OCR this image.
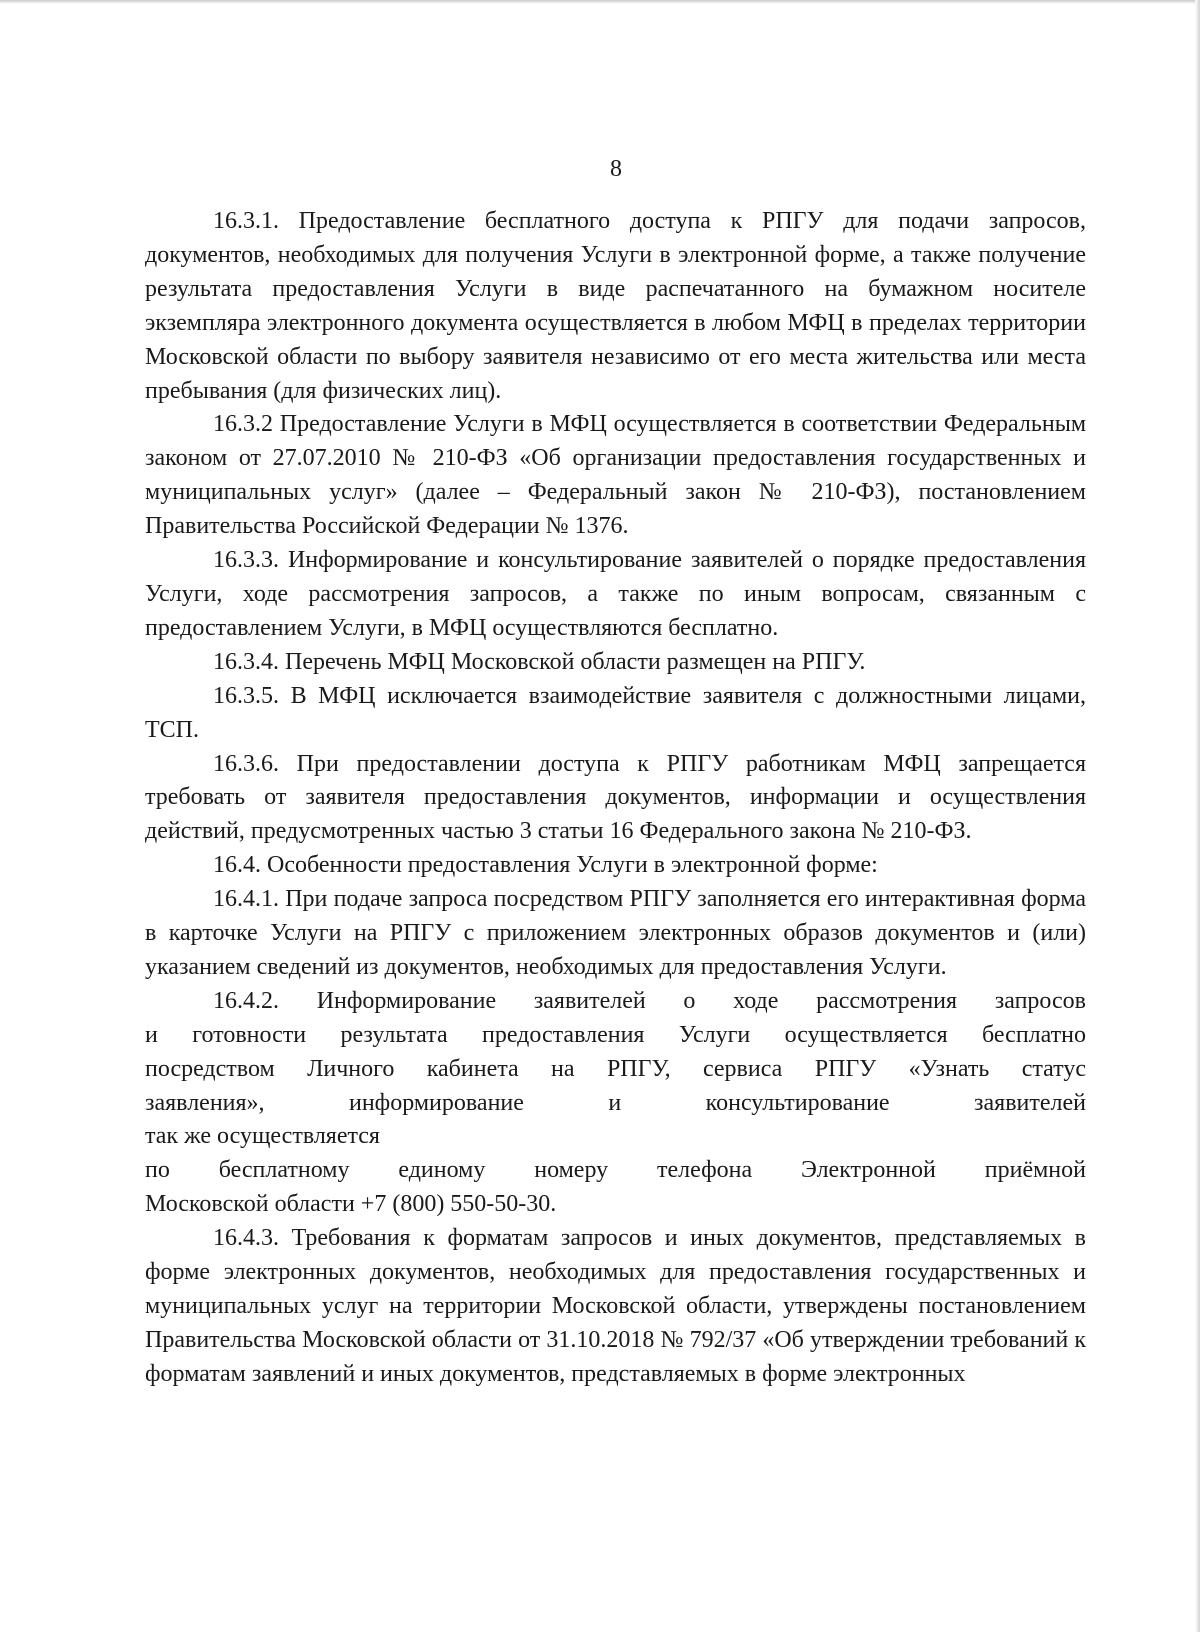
8

16.3.1. Предоставление бесплатного доступа к РПГУ для подачи запросов, документов, необходимых для получения Услуги в электронной форме, а также получение результата предоставления Услуги в виде распечатанного на бумажном носителе экземпляра электронного документа осуществляется в любом МФЦ в пределах территории Московской области по выбору заявителя независимо от его места жительства или места пребывания (для физических лиц).

16.3.2 Предоставление Услуги в МФЦ осуществляется в соответствии Федеральным законом от 27.07.2010 № 210-ФЗ «Об организации предоставления государственных и муниципальных услуг» (далее – Федеральный закон № 210-ФЗ), постановлением Правительства Российской Федерации № 1376.

16.3.3. Информирование и консультирование заявителей о порядке предоставления Услуги, ходе рассмотрения запросов, а также по иным вопросам, связанным с предоставлением Услуги, в МФЦ осуществляются бесплатно.

16.3.4. Перечень МФЦ Московской области размещен на РПГУ.

16.3.5. В МФЦ исключается взаимодействие заявителя с должностными лицами, ТСП.

16.3.6. При предоставлении доступа к РПГУ работникам МФЦ запрещается требовать от заявителя предоставления документов, информации и осуществления действий, предусмотренных частью 3 статьи 16 Федерального закона № 210-ФЗ.

16.4. Особенности предоставления Услуги в электронной форме:

16.4.1. При подаче запроса посредством РПГУ заполняется его интерактивная форма в карточке Услуги на РПГУ с приложением электронных образов документов и (или) указанием сведений из документов, необходимых для предоставления Услуги.

16.4.2. Информирование заявителей о ходе рассмотрения запросов
и готовности результата предоставления Услуги осуществляется бесплатно
посредством Личного кабинета на РПГУ, сервиса РПГУ «Узнать статус
заявления», информирование и консультирование заявителей
так же осуществляется
по бесплатному единому номеру телефона Электронной приёмной
Московской области +7 (800) 550-50-30.

16.4.3. Требования к форматам запросов и иных документов, представляемых в форме электронных документов, необходимых для предоставления государственных и муниципальных услуг на территории Московской области, утверждены постановлением Правительства Московской области от 31.10.2018 № 792/37 «Об утверждении требований к форматам заявлений и иных документов, представляемых в форме электронных
